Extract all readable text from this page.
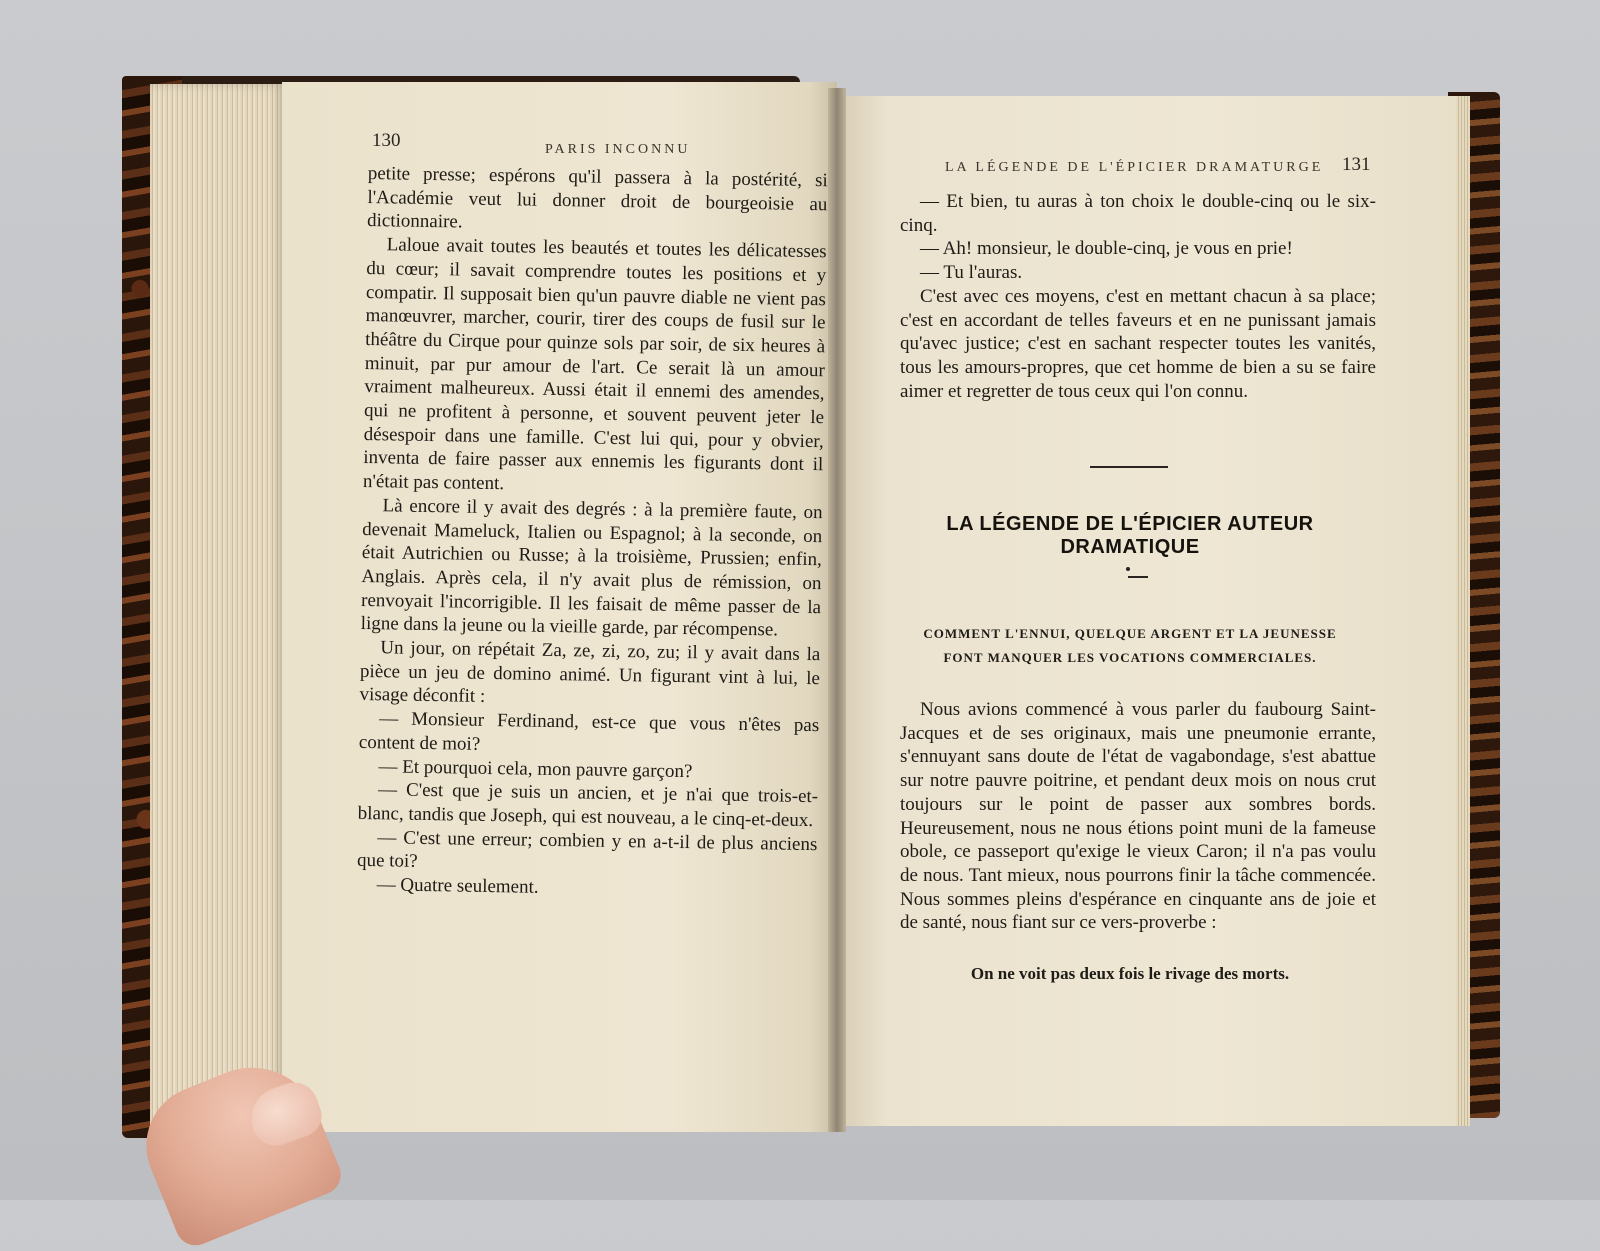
130	PARIS INCONNU

petite presse; espérons qu'il passera à la postérité, si l'Académie veut lui donner droit de bourgeoisie au dictionnaire.

Laloue avait toutes les beautés et toutes les délicatesses du cœur; il savait comprendre toutes les positions et y compatir. Il supposait bien qu'un pauvre diable ne vient pas manœuvrer, marcher, courir, tirer des coups de fusil sur le théâtre du Cirque pour quinze sols par soir, de six heures à minuit, par pur amour de l'art. Ce serait là un amour vraiment malheureux. Aussi était il ennemi des amendes, qui ne profitent à personne, et souvent peuvent jeter le désespoir dans une famille. C'est lui qui, pour y obvier, inventa de faire passer aux ennemis les figurants dont il n'était pas content.

Là encore il y avait des degrés : à la première faute, on devenait Mameluck, Italien ou Espagnol; à la seconde, on était Autrichien ou Russe; à la troisième, Prussien; enfin, Anglais. Après cela, il n'y avait plus de rémission, on renvoyait l'incorrigible. Il les faisait de même passer de la ligne dans la jeune ou la vieille garde, par récompense.

Un jour, on répétait Za, ze, zi, zo, zu; il y avait dans la pièce un jeu de domino animé. Un figurant vint à lui, le visage déconfit :

— Monsieur Ferdinand, est-ce que vous n'êtes pas content de moi?

— Et pourquoi cela, mon pauvre garçon?

— C'est que je suis un ancien, et je n'ai que trois-et-blanc, tandis que Joseph, qui est nouveau, a le cinq-et-deux.

— C'est une erreur; combien y en a-t-il de plus anciens que toi?

— Quatre seulement.

LA LÉGENDE DE L'ÉPICIER DRAMATURGE 131

— Et bien, tu auras à ton choix le double-cinq ou le six-cinq.

— Ah! monsieur, le double-cinq, je vous en prie!

— Tu l'auras.

C'est avec ces moyens, c'est en mettant chacun à sa place; c'est en accordant de telles faveurs et en ne punissant jamais qu'avec justice; c'est en sachant respecter toutes les vanités, tous les amours-propres, que cet homme de bien a su se faire aimer et regretter de tous ceux qui l'on connu.

LA LÉGENDE DE L'ÉPICIER AUTEUR DRAMATIQUE
COMMENT L'ENNUI, QUELQUE ARGENT ET LA JEUNESSE
FONT MANQUER LES VOCATIONS COMMERCIALES.

Nous avions commencé à vous parler du faubourg Saint-Jacques et de ses originaux, mais une pneumonie errante, s'ennuyant sans doute de l'état de vagabondage, s'est abattue sur notre pauvre poitrine, et pendant deux mois on nous crut toujours sur le point de passer aux sombres bords. Heureusement, nous ne nous étions point muni de la fameuse obole, ce passeport qu'exige le vieux Caron; il n'a pas voulu de nous. Tant mieux, nous pourrons finir la tâche commencée. Nous sommes pleins d'espérance en cinquante ans de joie et de santé, nous fiant sur ce vers-proverbe :

On ne voit pas deux fois le rivage des morts.
